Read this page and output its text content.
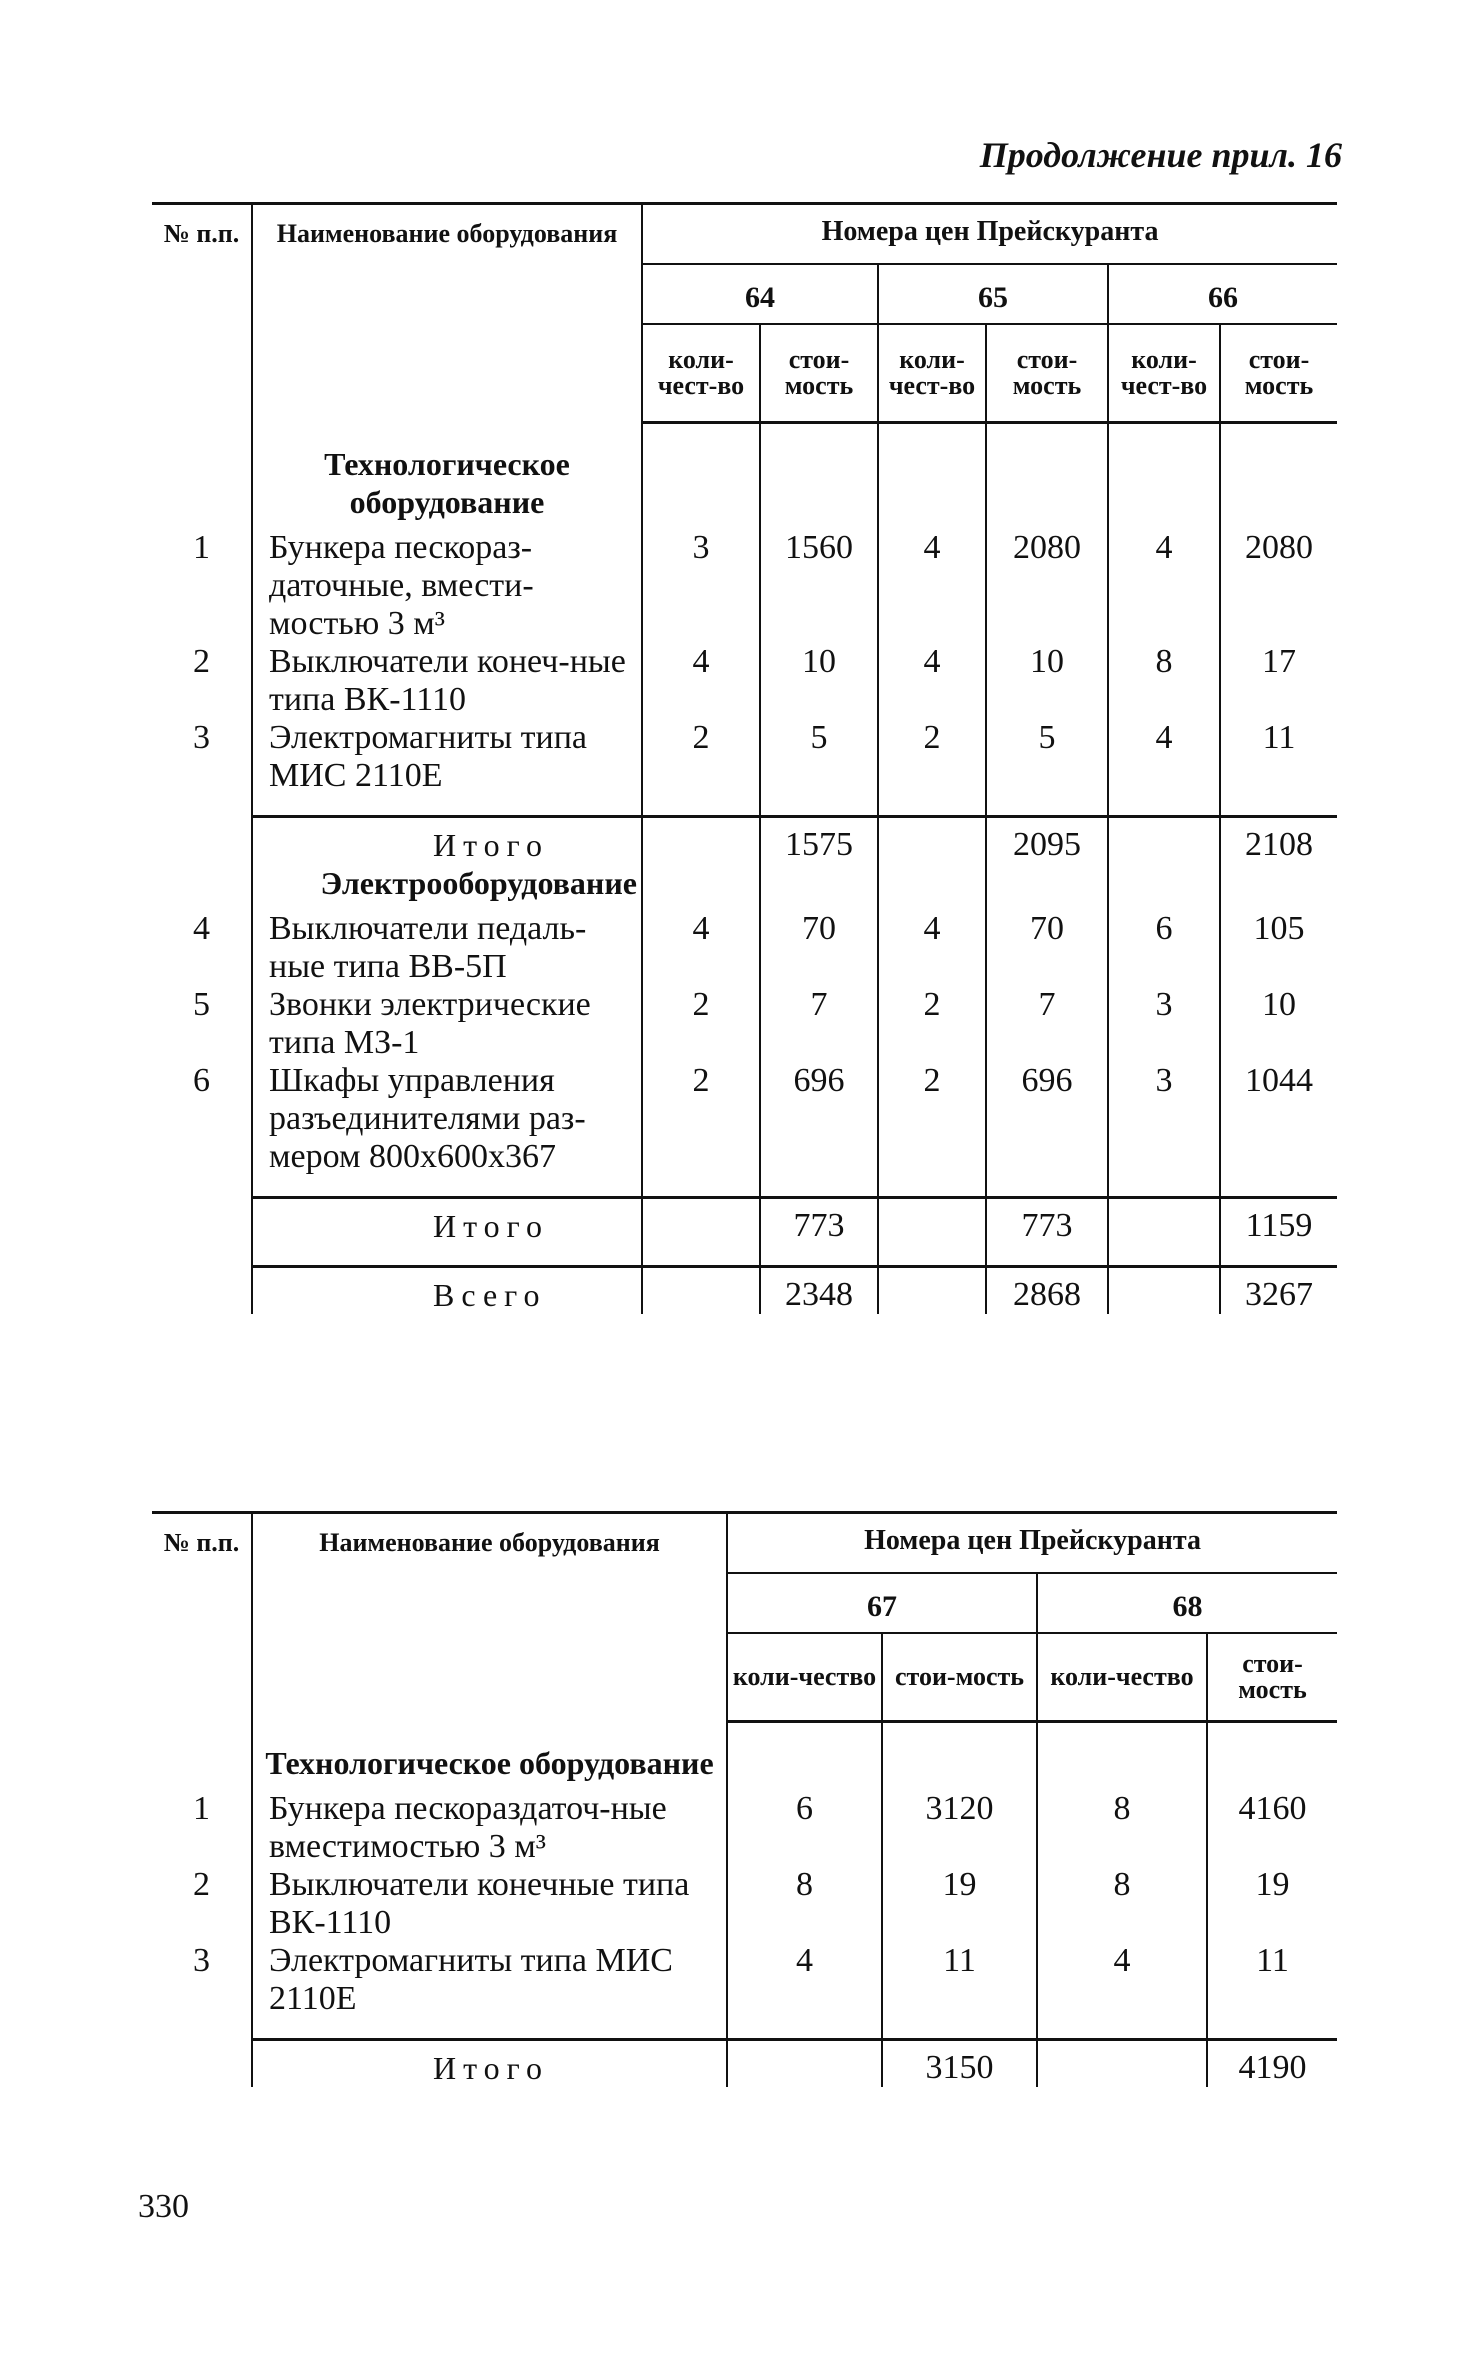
Продолжение прил. 16
№ п.п.	Наименование оборудования	Номера цен Прейскуранта					
		64		65		66	
		коли-чест-во	стои-мость	коли-чест-во	стои-мость	коли-чест-во	стои-мость
	Технологическое оборудование						
1	Бункера пескораз-даточные, вмести-мостью 3 м³	3	1560	4	2080	4	2080
2	Выключатели конеч-ные типа ВК-1110	4	10	4	10	8	17
3	Электромагниты типа МИС 2110Е	2	5	2	5	4	11
	Итого		1575		2095		2108
	Электрооборудование						
4	Выключатели педаль-ные типа ВВ-5П	4	70	4	70	6	105
5	Звонки электрические типа МЗ-1	2	7	2	7	3	10
6	Шкафы управления разъединителями раз-мером 800х600х367	2	696	2	696	3	1044
	Итого		773		773		1159
	Всего		2348		2868		3267
№ п.п.	Наименование оборудования	Номера цен Прейскуранта			
		67		68	
		коли-чество	стои-мость	коли-чество	стои-мость
	Технологическое оборудование				
1	Бункера пескораздаточ-ные вместимостью 3 м³	6	3120	8	4160
2	Выключатели конечные типа ВК-1110	8	19	8	19
3	Электромагниты типа МИС 2110Е	4	11	4	11
	Итого		3150		4190
330
